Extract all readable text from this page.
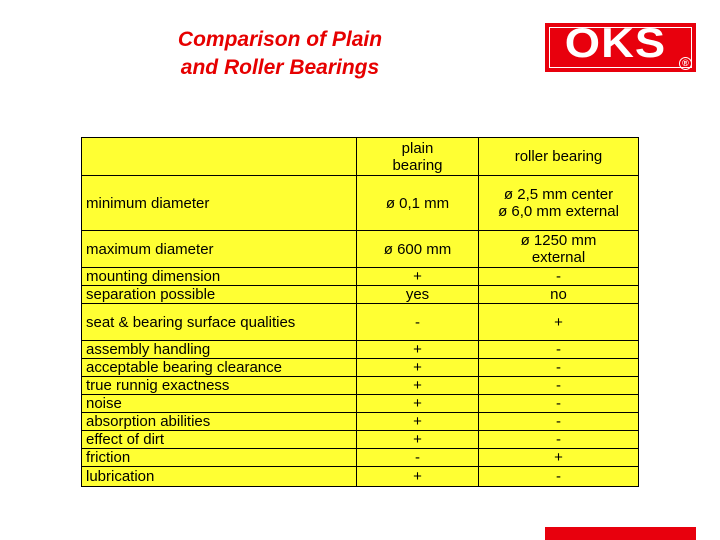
Comparison of Plain
and Roller Bearings
OKS	®

	plain
bearing	roller bearing
minimum diameter	ø 0,1 mm	ø 2,5 mm center
ø 6,0 mm external

maximum diameter	ø 600 mm	ø 1250 mm
external

mounting dimension	+	-
separation possible	yes	no
seat & bearing surface qualities	-	+
assembly handling	+	-
acceptable bearing clearance	+	-
true runnig exactness	+	-
noise	+	-
absorption abilities	+	-
effect of dirt	+	-
friction	-	+
lubrication	+	-
